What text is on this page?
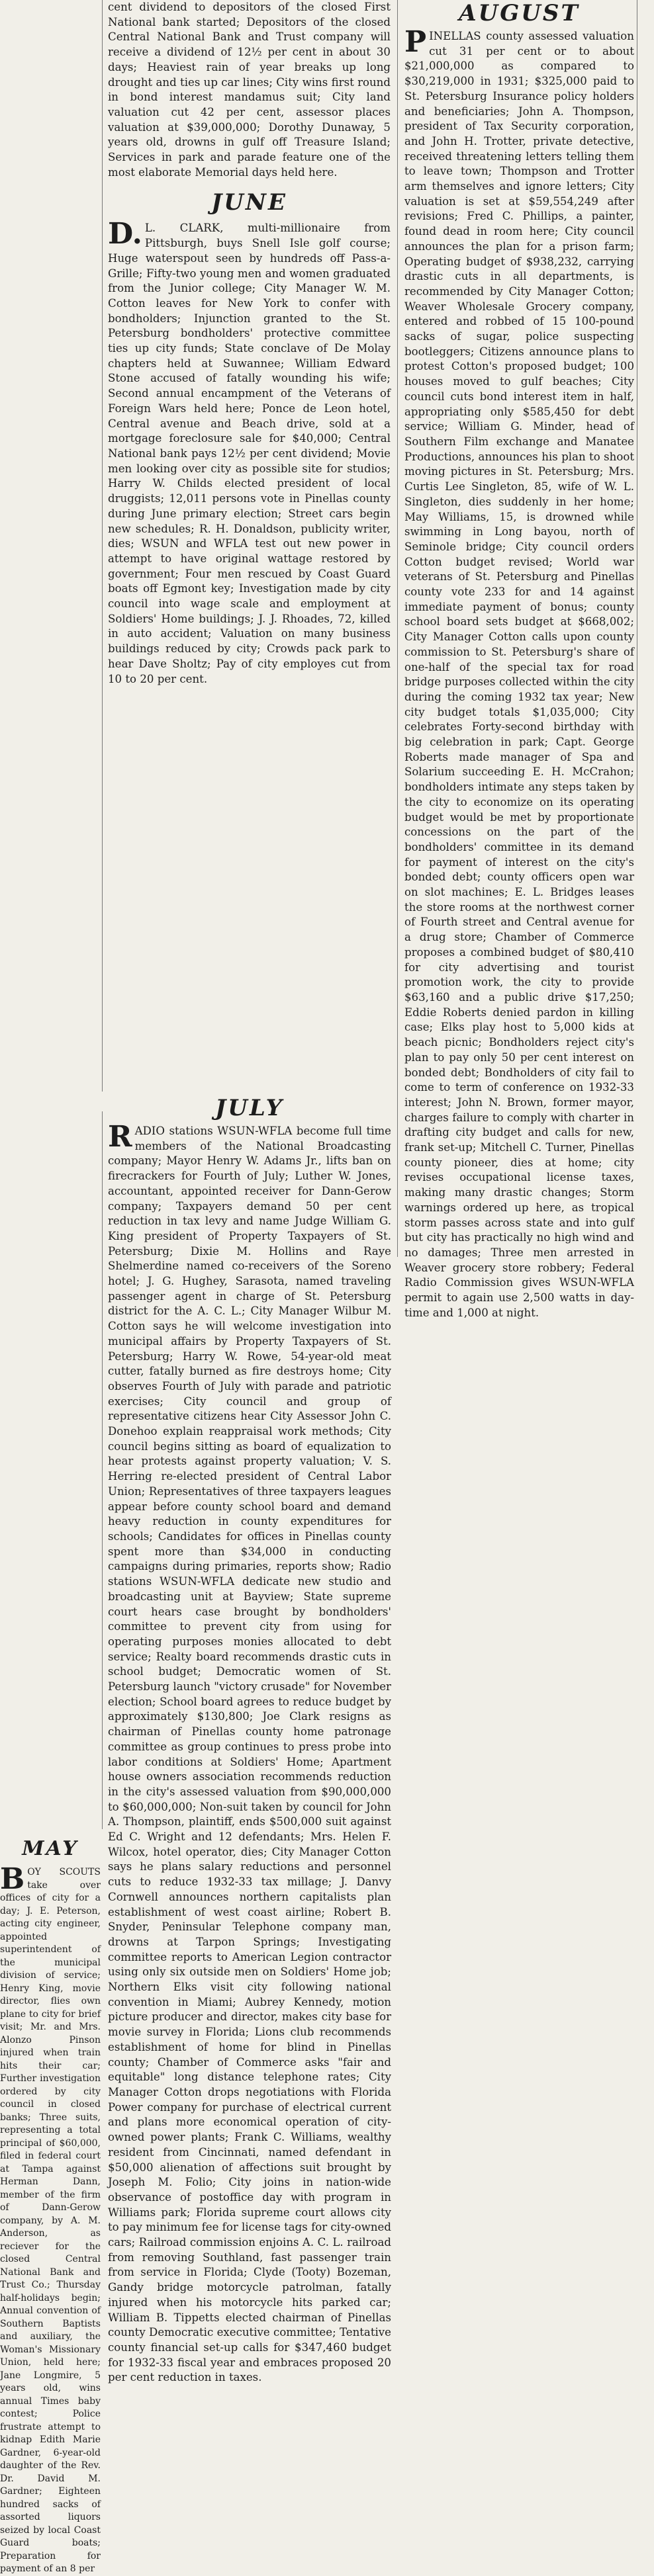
cent dividend to depositors of the closed First National bank started; Depositors of the closed Central National Bank and Trust company will receive a dividend of 12½ per cent in about 30 days; Heaviest rain of year breaks up long drought and ties up car lines; City wins first round in bond interest mandamus suit; City land valuation cut 42 per cent, assessor places valuation at $39,000,000; Dorothy Dunaway, 5 years old, drowns in gulf off Treasure Island; Services in park and parade feature one of the most elaborate Memorial days held here.

JUNE

D.L. CLARK, multi-millionaire from Pittsburgh, buys Snell Isle golf course; Huge waterspout seen by hundreds off Pass-a-Grille; Fifty-two young men and women graduated from the Junior college; City Manager W. M. Cotton leaves for New York to confer with bondholders; Injunction granted to the St. Petersburg bondholders' protective committee ties up city funds; State conclave of De Molay chapters held at Suwannee; William Edward Stone accused of fatally wounding his wife; Second annual encampment of the Veterans of Foreign Wars held here; Ponce de Leon hotel, Central avenue and Beach drive, sold at a mortgage foreclosure sale for $40,000; Central National bank pays 12½ per cent dividend; Movie men looking over city as possible site for studios; Harry W. Childs elected president of local druggists; 12,011 persons vote in Pinellas county during June primary election; Street cars begin new schedules; R. H. Donaldson, publicity writer, dies; WSUN and WFLA test out new power in attempt to have original wattage restored by government; Four men rescued by Coast Guard boats off Egmont key; Investigation made by city council into wage scale and employment at Soldiers' Home buildings; J. J. Rhoades, 72, killed in auto accident; Valuation on many business buildings reduced by city; Crowds pack park to hear Dave Sholtz; Pay of city employes cut from 10 to 20 per cent.

AUGUST

PINELLAS county assessed valuation cut 31 per cent or to about $21,000,000 as compared to $30,219,000 in 1931; $325,000 paid to St. Petersburg Insurance policy holders and beneficiaries; John A. Thompson, president of Tax Security corporation, and John H. Trotter, private detective, received threatening letters telling them to leave town; Thompson and Trotter arm themselves and ignore letters; City valuation is set at $59,554,249 after revisions; Fred C. Phillips, a painter, found dead in room here; City council announces the plan for a prison farm; Operating budget of $938,232, carrying drastic cuts in all departments, is recommended by City Manager Cotton; Weaver Wholesale Grocery company, entered and robbed of 15 100-pound sacks of sugar, police suspecting bootleggers; Citizens announce plans to protest Cotton's proposed budget; 100 houses moved to gulf beaches; City council cuts bond interest item in half, appropriating only $585,450 for debt service; William G. Minder, head of Southern Film exchange and Manatee Productions, announces his plan to shoot moving pictures in St. Petersburg; Mrs. Curtis Lee Singleton, 85, wife of W. L. Singleton, dies suddenly in her home; May Williams, 15, is drowned while swimming in Long bayou, north of Seminole bridge; City council orders Cotton budget revised; World war veterans of St. Petersburg and Pinellas county vote 233 for and 14 against immediate payment of bonus; county school board sets budget at $668,002; City Manager Cotton calls upon county commission to St. Petersburg's share of one-half of the special tax for road bridge purposes collected within the city during the coming 1932 tax year; New city budget totals $1,035,000; City celebrates Forty-second birthday with big celebration in park; Capt. George Roberts made manager of Spa and Solarium succeeding E. H. McCrahon; bondholders intimate any steps taken by the city to economize on its operating budget would be met by proportionate concessions on the part of the bondholders' committee in its demand for payment of interest on the city's bonded debt; county officers open war on slot machines; E. L. Bridges leases the store rooms at the northwest corner of Fourth street and Central avenue for a drug store; Chamber of Commerce proposes a combined budget of $80,410 for city advertising and tourist promotion work, the city to provide $63,160 and a public drive $17,250; Eddie Roberts denied pardon in killing case; Elks play host to 5,000 kids at beach picnic; Bondholders reject city's plan to pay only 50 per cent interest on bonded debt; Bondholders of city fail to come to term of conference on 1932-33 interest; John N. Brown, former mayor, charges failure to comply with charter in drafting city budget and calls for new, frank set-up; Mitchell C. Turner, Pinellas county pioneer, dies at home; city revises occupational license taxes, making many drastic changes; Storm warnings ordered up here, as tropical storm passes across state and into gulf but city has practically no high wind and no damages; Three men arrested in Weaver grocery store robbery; Federal Radio Commission gives WSUN-WFLA permit to again use 2,500 watts in day-time and 1,000 at night.

JULY

RADIO stations WSUN-WFLA become full time members of the National Broadcasting company; Mayor Henry W. Adams Jr., lifts ban on firecrackers for Fourth of July; Luther W. Jones, accountant, appointed receiver for Dann-Gerow company; Taxpayers demand 50 per cent reduction in tax levy and name Judge William G. King president of Property Taxpayers of St. Petersburg; Dixie M. Hollins and Raye Shelmerdine named co-receivers of the Soreno hotel; J. G. Hughey, Sarasota, named traveling passenger agent in charge of St. Petersburg district for the A. C. L.; City Manager Wilbur M. Cotton says he will welcome investigation into municipal affairs by Property Taxpayers of St. Petersburg; Harry W. Rowe, 54-year-old meat cutter, fatally burned as fire destroys home; City observes Fourth of July with parade and patriotic exercises; City council and group of representative citizens hear City Assessor John C. Donehoo explain reappraisal work methods; City council begins sitting as board of equalization to hear protests against property valuation; V. S. Herring re-elected president of Central Labor Union; Representatives of three taxpayers leagues appear before county school board and demand heavy reduction in county expenditures for schools; Candidates for offices in Pinellas county spent more than $34,000 in conducting campaigns during primaries, reports show; Radio stations WSUN-WFLA dedicate new studio and broadcasting unit at Bayview; State supreme court hears case brought by bondholders' committee to prevent city from using for operating purposes monies allocated to debt service; Realty board recommends drastic cuts in school budget; Democratic women of St. Petersburg launch "victory crusade" for November election; School board agrees to reduce budget by approximately $130,800; Joe Clark resigns as chairman of Pinellas county home patronage committee as group continues to press probe into labor conditions at Soldiers' Home; Apartment house owners association recommends reduction in the city's assessed valuation from $90,000,000 to $60,000,000; Non-suit taken by council for John A. Thompson, plaintiff, ends $500,000 suit against Ed C. Wright and 12 defendants; Mrs. Helen F. Wilcox, hotel operator, dies; City Manager Cotton says he plans salary reductions and personnel cuts to reduce 1932-33 tax millage; J. Danvy Cornwell announces northern capitalists plan establishment of west coast airline; Robert B. Snyder, Peninsular Telephone company man, drowns at Tarpon Springs; Investigating committee reports to American Legion contractor using only six outside men on Soldiers' Home job; Northern Elks visit city following national convention in Miami; Aubrey Kennedy, motion picture producer and director, makes city base for movie survey in Florida; Lions club recommends establishment of home for blind in Pinellas county; Chamber of Commerce asks "fair and equitable" long distance telephone rates; City Manager Cotton drops negotiations with Florida Power company for purchase of electrical current and plans more economical operation of city-owned power plants; Frank C. Williams, wealthy resident from Cincinnati, named defendant in $50,000 alienation of affections suit brought by Joseph M. Folio; City joins in nation-wide observance of postoffice day with program in Williams park; Florida supreme court allows city to pay minimum fee for license tags for city-owned cars; Railroad commission enjoins A. C. L. railroad from removing Southland, fast passenger train from service in Florida; Clyde (Tooty) Bozeman, Gandy bridge motorcycle patrolman, fatally injured when his motorcycle hits parked car; William B. Tippetts elected chairman of Pinellas county Democratic executive committee; Tentative county financial set-up calls for $347,460 budget for 1932-33 fiscal year and embraces proposed 20 per cent reduction in taxes.

MAY

BOY SCOUTS take over offices of city for a day; J. E. Peterson, acting city engineer, appointed superintendent of the municipal division of service; Henry King, movie director, flies own plane to city for brief visit; Mr. and Mrs. Alonzo Pinson injured when train hits their car; Further investigation ordered by city council in closed banks; Three suits, representing a total principal of $60,000, filed in federal court at Tampa against Herman Dann, member of the firm of Dann-Gerow company, by A. M. Anderson, as reciever for the closed Central National Bank and Trust Co.; Thursday half-holidays begin; Annual convention of Southern Baptists and auxiliary, the Woman's Missionary Union, held here; Jane Longmire, 5 years old, wins annual Times baby contest; Police frustrate attempt to kidnap Edith Marie Gardner, 6-year-old daughter of the Rev. Dr. David M. Gardner; Eighteen hundred sacks of assorted liquors seized by local Coast Guard boats; Preparation for payment of an 8 per
